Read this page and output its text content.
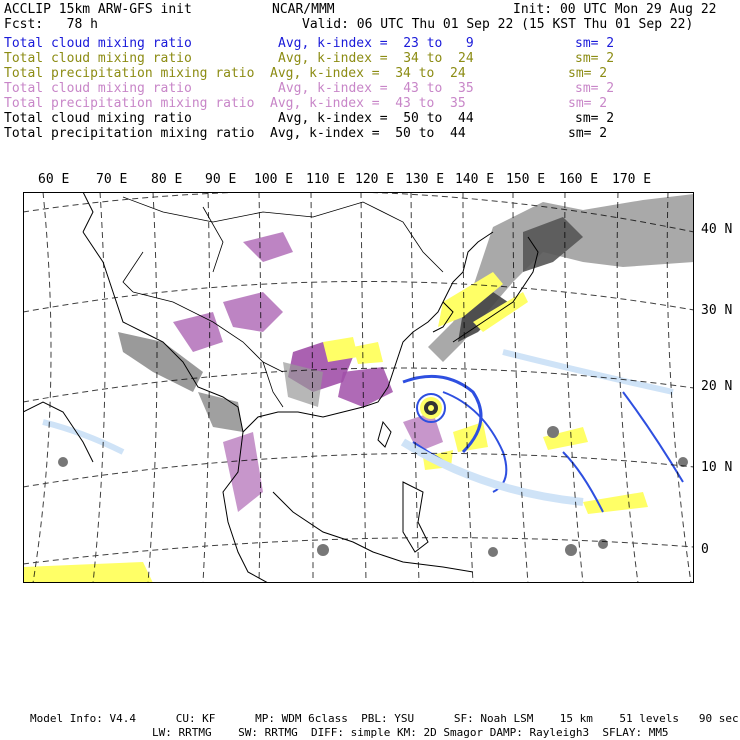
ACCLIP 15km ARW-GFS init	NCAR/MMM	Init: 00 UTC Mon 29 Aug 22
Fcst:   78 h	Valid: 06 UTC Thu 01 Sep 22 (15 KST Thu 01 Sep 22)
Total cloud mixing ratio	Avg, k-index =  23 to   9	sm= 2
Total cloud mixing ratio	Avg, k-index =  34 to  24	sm= 2
Total precipitation mixing ratio Avg, k-index =  34 to  24	sm= 2
Total cloud mixing ratio	Avg, k-index =  43 to  35	sm= 2
Total precipitation mixing ratio Avg, k-index =  43 to  35	sm= 2
Total cloud mixing ratio	Avg, k-index =  50 to  44	sm= 2
Total precipitation mixing ratio Avg, k-index =  50 to  44	sm= 2
60 E 70 E 80 E 90 E 100 E 110 E 120 E 130 E 140 E 150 E 160 E 170 E
40 N
30 N
20 N
10 N
0
Model Info: V4.4      CU: KF      MP: WDM 6class  PBL: YSU      SF: Noah LSM    15 km    51 levels   90 sec
LW: RRTMG    SW: RRTMG  DIFF: simple KM: 2D Smagor DAMP: Rayleigh3  SFLAY: MM5
